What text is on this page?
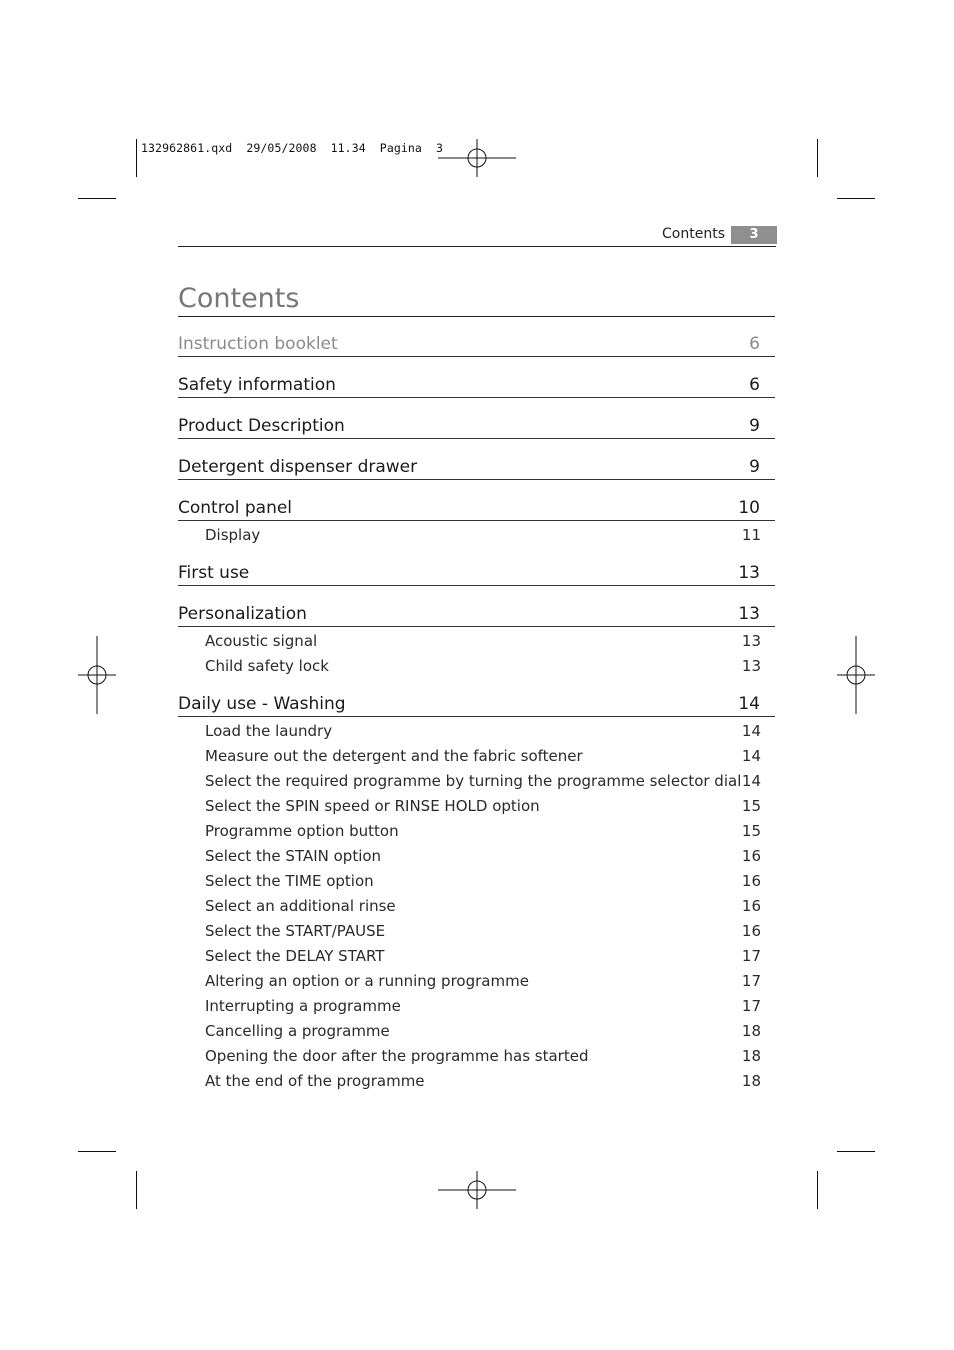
132962861.qxd  29/05/2008  11.34  Pagina  3
Contents	3
Contents
Instruction booklet	6
Safety information	6
Product Description	9
Detergent dispenser drawer	9
Control panel	10
Display	11
First use	13
Personalization	13
Acoustic signal	13
Child safety lock	13
Daily use - Washing	14
Load the laundry	14
Measure out the detergent and the fabric softener	14
Select the required programme by turning the programme selector dial 14
Select the SPIN speed or RINSE HOLD option	15
Programme option button	15
Select the STAIN option	16
Select the TIME option	16
Select an additional rinse	16
Select the START/PAUSE	16
Select the DELAY START	17
Altering an option or a running programme	17
Interrupting a programme	17
Cancelling a programme	18
Opening the door after the programme has started	18
At the end of the programme	18
